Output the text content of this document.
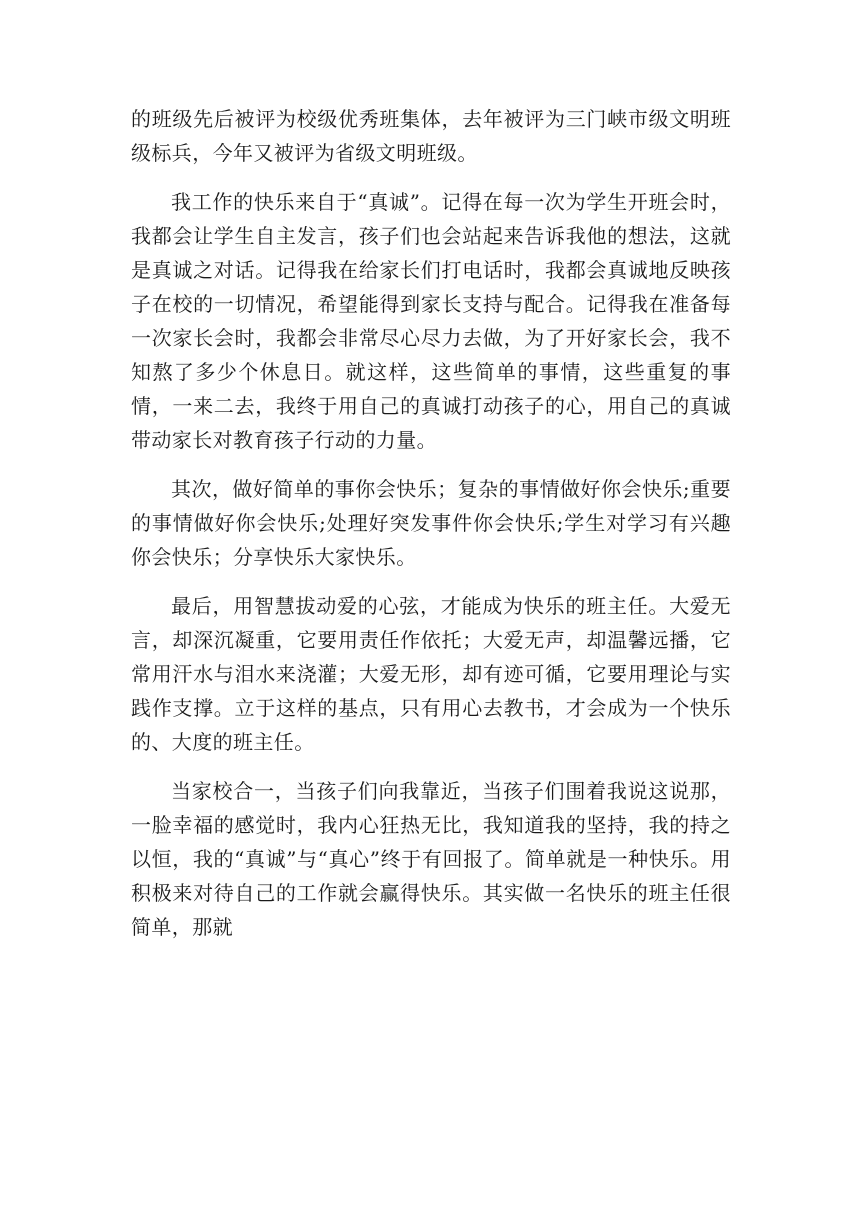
的班级先后被评为校级优秀班集体，去年被评为三门峡市级文明班级标兵，今年又被评为省级文明班级。

我工作的快乐来自于“真诚”。记得在每一次为学生开班会时，我都会让学生自主发言，孩子们也会站起来告诉我他的想法，这就是真诚之对话。记得我在给家长们打电话时，我都会真诚地反映孩子在校的一切情况，希望能得到家长支持与配合。记得我在准备每一次家长会时，我都会非常尽心尽力去做，为了开好家长会，我不知熬了多少个休息日。就这样，这些简单的事情，这些重复的事情，一来二去，我终于用自己的真诚打动孩子的心，用自己的真诚带动家长对教育孩子行动的力量。

其次，做好简单的事你会快乐；复杂的事情做好你会快乐;重要的事情做好你会快乐;处理好突发事件你会快乐;学生对学习有兴趣你会快乐；分享快乐大家快乐。

最后，用智慧拔动爱的心弦，才能成为快乐的班主任。大爱无言，却深沉凝重，它要用责任作依托；大爱无声，却温馨远播，它常用汗水与泪水来浇灌；大爱无形，却有迹可循，它要用理论与实践作支撑。立于这样的基点，只有用心去教书，才会成为一个快乐的、大度的班主任。

当家校合一，当孩子们向我靠近，当孩子们围着我说这说那，一脸幸福的感觉时，我内心狂热无比，我知道我的坚持，我的持之以恒，我的“真诚”与“真心”终于有回报了。简单就是一种快乐。用积极来对待自己的工作就会赢得快乐。其实做一名快乐的班主任很简单，那就
